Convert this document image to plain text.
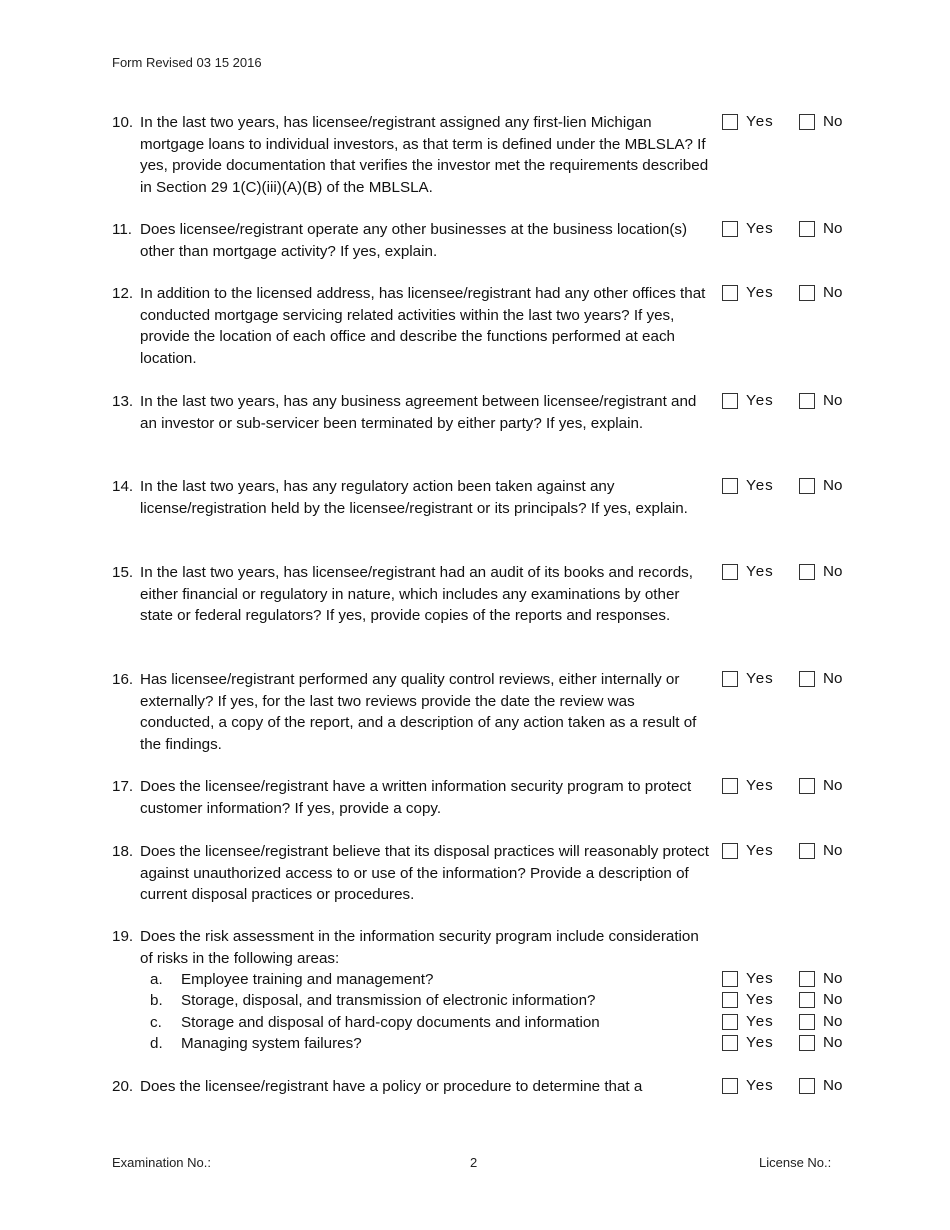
Form Revised 03 15 2016
10. In the last two years, has licensee/registrant assigned any first-lien Michigan mortgage loans to individual investors, as that term is defined under the MBLSLA? If yes, provide documentation that verifies the investor met the requirements described in Section 29 1(C)(iii)(A)(B) of the MBLSLA.
Yes	No
11. Does licensee/registrant operate any other businesses at the business location(s) other than mortgage activity? If yes, explain.
Yes	No
12. In addition to the licensed address, has licensee/registrant had any other offices that conducted mortgage servicing related activities within the last two years? If yes, provide the location of each office and describe the functions performed at each location.
Yes	No
13. In the last two years, has any business agreement between licensee/registrant and an investor or sub-servicer been terminated by either party? If yes, explain.
Yes	No
14. In the last two years, has any regulatory action been taken against any license/registration held by the licensee/registrant or its principals? If yes, explain.
Yes	No
15. In the last two years, has licensee/registrant had an audit of its books and records, either financial or regulatory in nature, which includes any examinations by other state or federal regulators? If yes, provide copies of the reports and responses.
Yes	No
16. Has licensee/registrant performed any quality control reviews, either internally or externally? If yes, for the last two reviews provide the date the review was conducted, a copy of the report, and a description of any action taken as a result of the findings.
Yes	No
17. Does the licensee/registrant have a written information security program to protect customer information? If yes, provide a copy.
Yes	No
18. Does the licensee/registrant believe that its disposal practices will reasonably protect against unauthorized access to or use of the information? Provide a description of current disposal practices or procedures.
Yes	No
19. Does the risk assessment in the information security program include consideration of risks in the following areas:
a. Employee training and management?	Yes	No
b. Storage, disposal, and transmission of electronic information?	Yes	No
c. Storage and disposal of hard-copy documents and information	Yes	No
d. Managing system failures?	Yes	No
20. Does the licensee/registrant have a policy or procedure to determine that a	Yes	No
Examination No.:	2	License No.:
